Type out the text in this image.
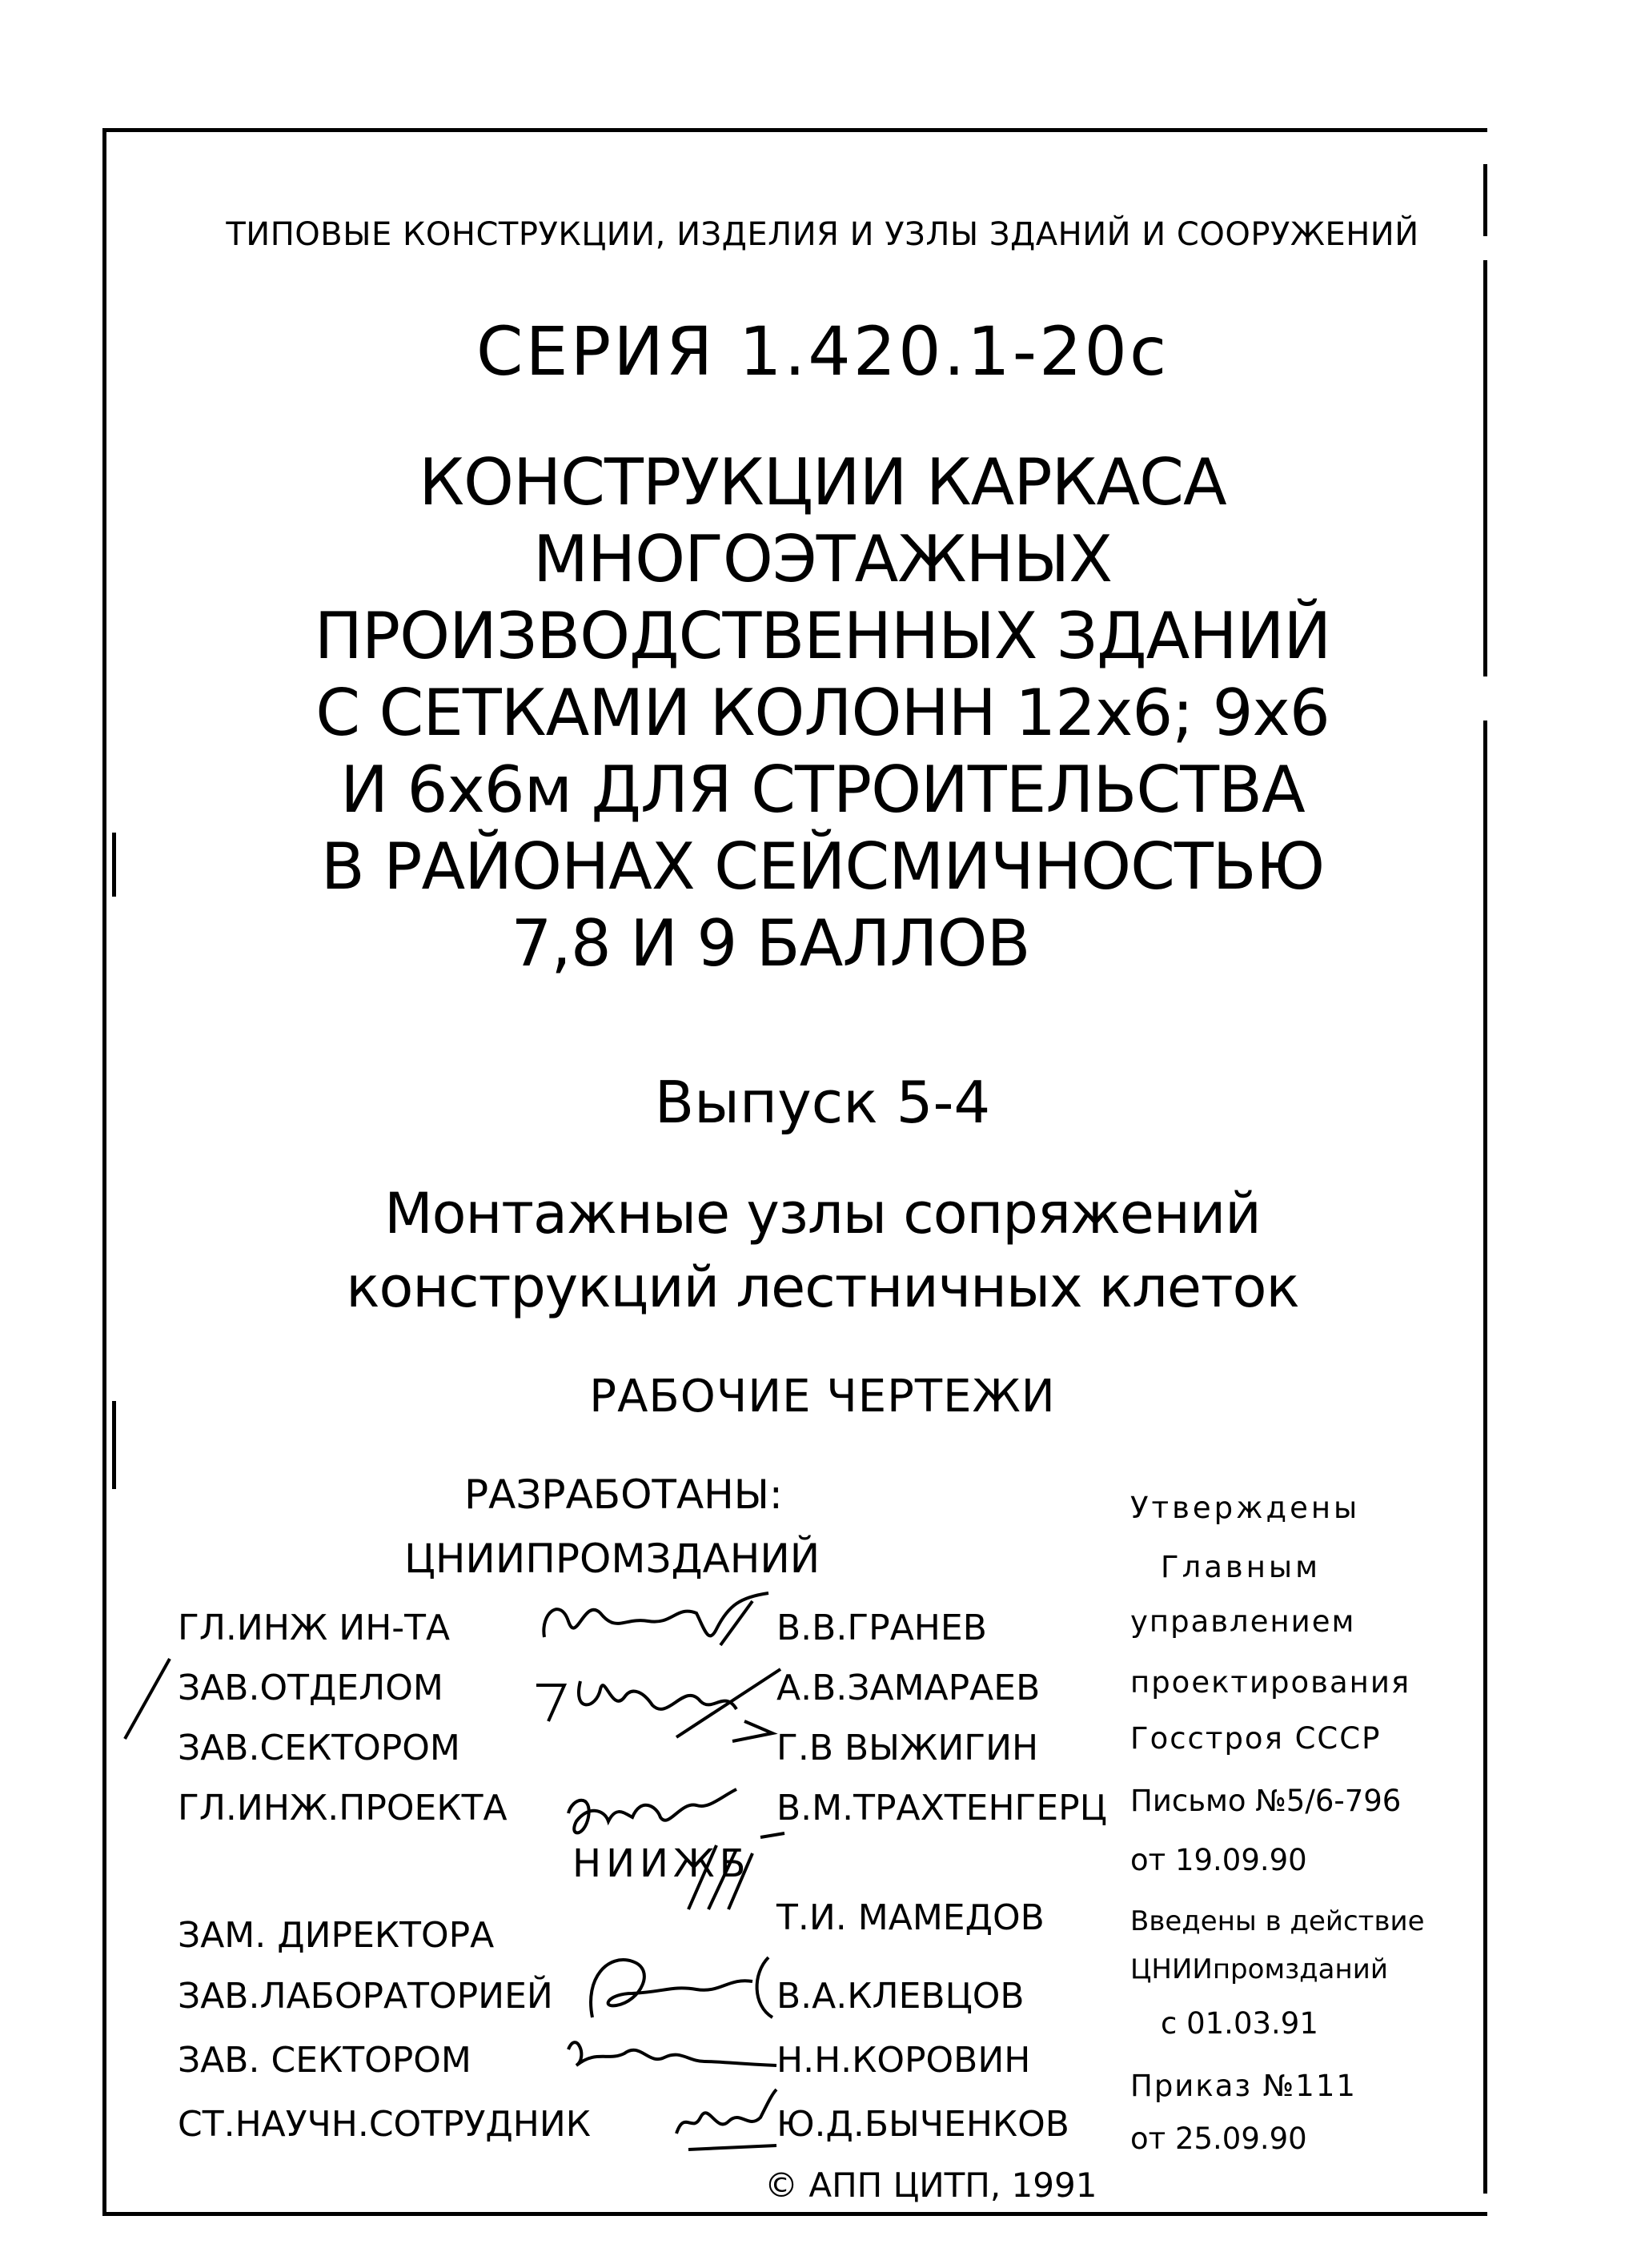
ТИПОВЫЕ КОНСТРУКЦИИ, ИЗДЕЛИЯ И УЗЛЫ ЗДАНИЙ И СООРУЖЕНИЙ
СЕРИЯ 1.420.1-20с
КОНСТРУКЦИИ КАРКАСА
МНОГОЭТАЖНЫХ
ПРОИЗВОДСТВЕННЫХ ЗДАНИЙ
С СЕТКАМИ КОЛОНН 12х6; 9х6
И 6х6м ДЛЯ СТРОИТЕЛЬСТВА
В РАЙОНАХ СЕЙСМИЧНОСТЬЮ
7,8 И 9 БАЛЛОВ
Выпуск 5-4
Монтажные узлы сопряжений
конструкций лестничных клеток
РАБОЧИЕ ЧЕРТЕЖИ
РАЗРАБОТАНЫ:
ЦНИИПРОМЗДАНИЙ
ГЛ.ИНЖ ИН-ТА	В.В.ГРАНЕВ
ЗАВ.ОТДЕЛОМ	А.В.ЗАМАРАЕВ
ЗАВ.СЕКТОРОМ	Г.В ВЫЖИГИН
ГЛ.ИНЖ.ПРОЕКТА	В.М.ТРАХТЕНГЕРЦ
НИИЖБ
ЗАМ. ДИРЕКТОРА	Т.И. МАМЕДОВ
ЗАВ.ЛАБОРАТОРИЕЙ	В.А.КЛЕВЦОВ
ЗАВ. СЕКТОРОМ	Н.Н.КОРОВИН
СТ.НАУЧН.СОТРУДНИК	Ю.Д.БЫЧЕНКОВ
Утверждены
Главным
управлением
проектирования
Госстроя СССР
Письмо №5/6-796
от 19.09.90
Введены в действие
ЦНИИпромзданий
с 01.03.91
Приказ №111
от 25.09.90
© АПП ЦИТП, 1991
